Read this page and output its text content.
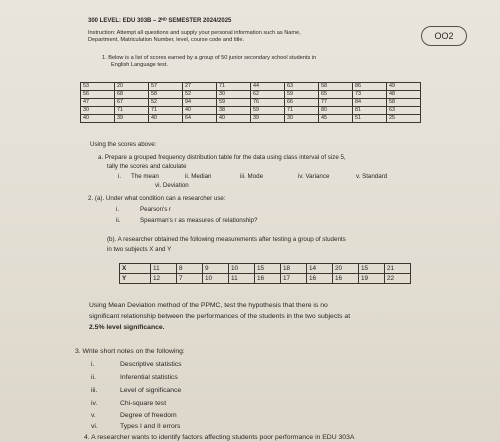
300 LEVEL: EDU 303B – 2ᴺᴰ SEMESTER 2024/2025
Instruction: Attempt all questions and supply your personal information such as Name,
Department, Matriculation Number, level, course code and title.	OO2
1. Below is a list of scores earned by a group of 50 junior secondary school students in
English Language test.
53	20	57	27	71	44	63	58	86	49
56	68	58	52	30	62	59	65	73	48
47	67	52	94	59	76	66	77	84	58
30	71	71	40	38	59	71	80	81	63
40	39	40	64	40	39	30	45	51	25
Using the scores above:
a. Prepare a grouped frequency distribution table for the data using class interval of size 5,
tally the scores and calculate
i. The mean	ii. Median	iii. Mode	iv. Variance	v. Standard
vi. Deviation
2. (a). Under what condition can a researcher use:
i.	Pearson's r
ii.	Spearman's r as measures of relationship?
(b). A researcher obtained the following measurements after testing a group of students
in two subjects X and Y
X	11	8	9	10	15	18	14	20	15	21
Y	12	7	10	11	16	17	16	16	19	22
Using Mean Deviation method of the PPMC, test the hypothesis that there is no
significant relationship between the performances of the students in the two subjects at
2.5% level significance.
3. Write short notes on the following:
i.	Descriptive statistics
ii.	Inferential statistics
iii.	Level of significance
iv.	Chi-square test
v.	Degree of freedom
vi.	Types I and II errors
4. A researcher wants to identify factors affecting students poor performance in EDU 303A
